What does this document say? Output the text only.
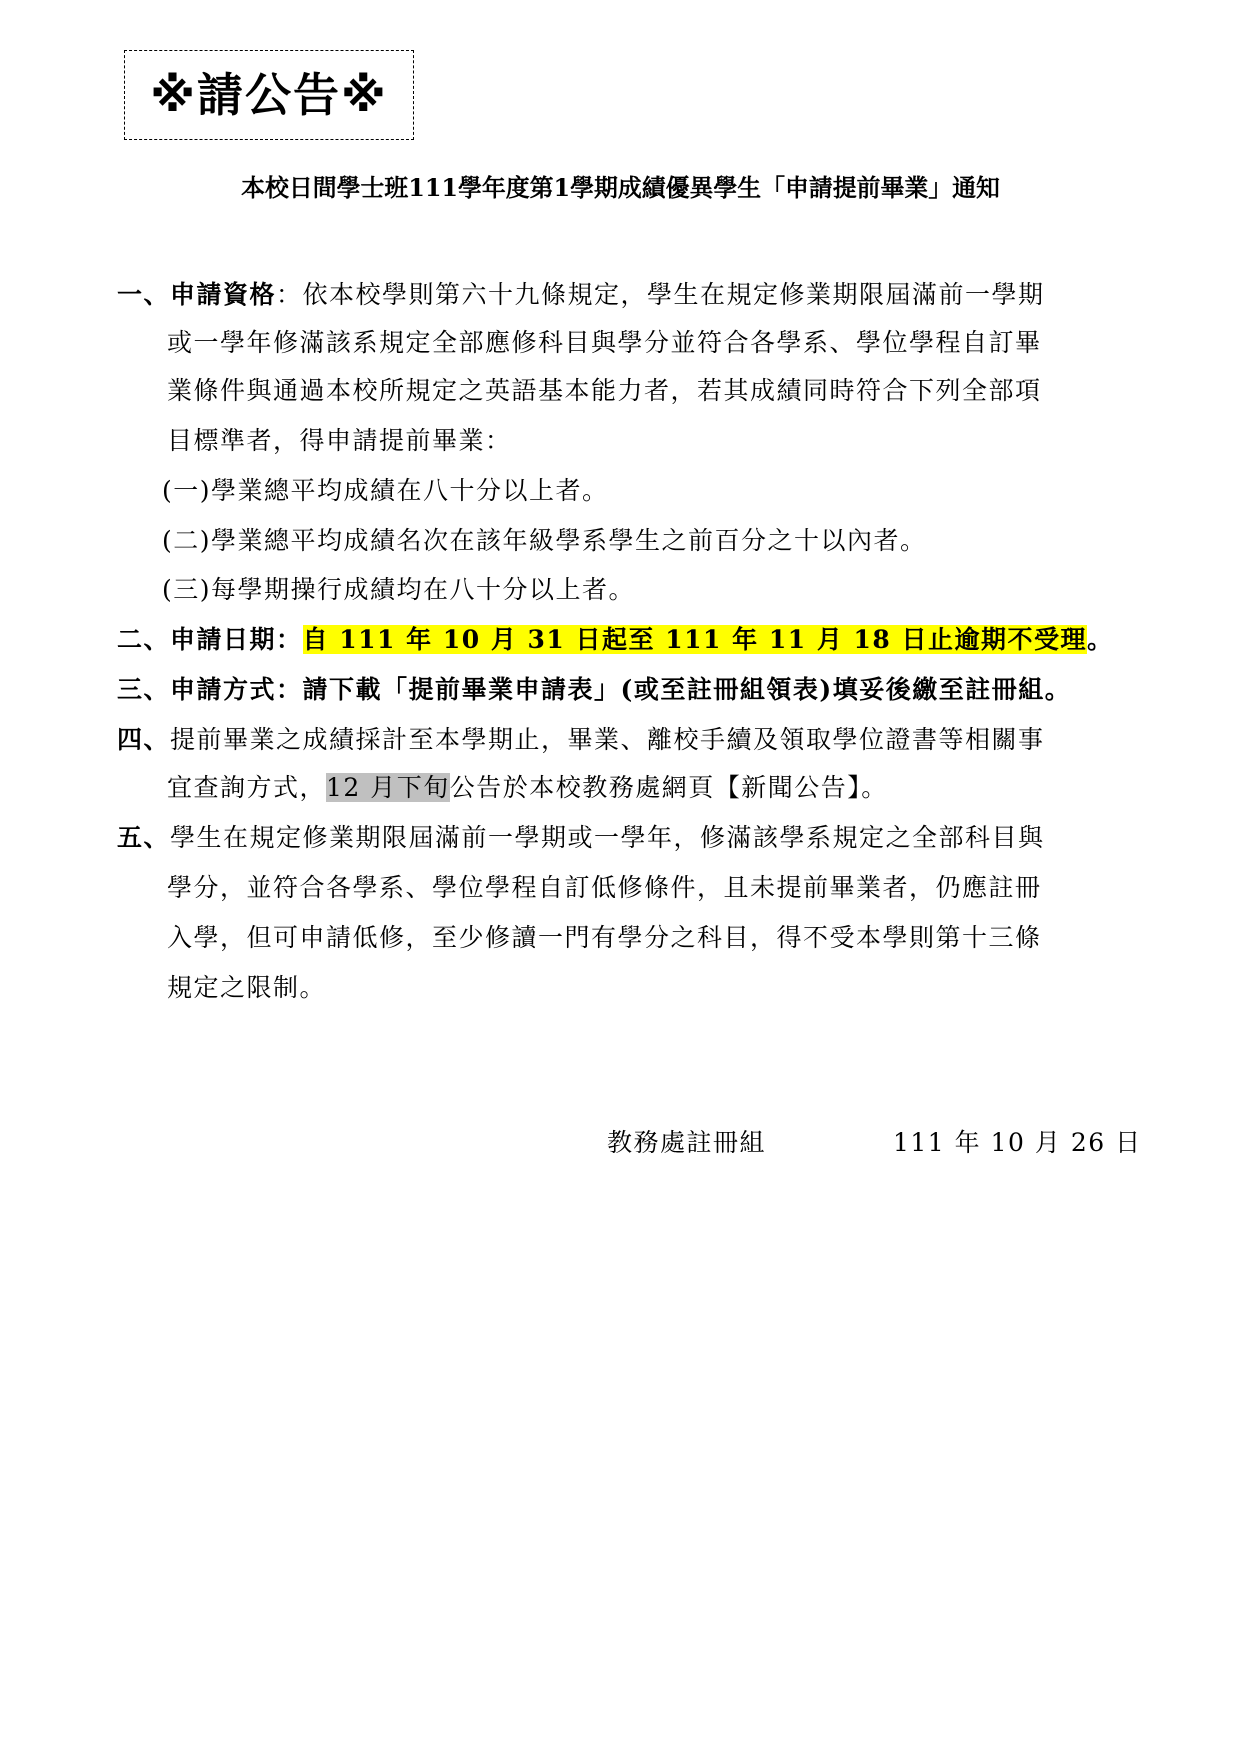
※請公告※
本校日間學士班111學年度第1學期成績優異學生「申請提前畢業」通知
一、申請資格：依本校學則第六十九條規定，學生在規定修業期限屆滿前一學期
或一學年修滿該系規定全部應修科目與學分並符合各學系、學位學程自訂畢
業條件與通過本校所規定之英語基本能力者，若其成績同時符合下列全部項
目標準者，得申請提前畢業：
(一)學業總平均成績在八十分以上者。
(二)學業總平均成績名次在該年級學系學生之前百分之十以內者。
(三)每學期操行成績均在八十分以上者。
二、申請日期：自 111 年 10 月 31 日起至 111 年 11 月 18 日止逾期不受理。
三、申請方式：請下載「提前畢業申請表」(或至註冊組領表)填妥後繳至註冊組。
四、提前畢業之成績採計至本學期止，畢業、離校手續及領取學位證書等相關事
宜查詢方式，12 月下旬公告於本校教務處網頁【新聞公告】。
五、學生在規定修業期限屆滿前一學期或一學年，修滿該學系規定之全部科目與
學分，並符合各學系、學位學程自訂低修條件，且未提前畢業者，仍應註冊
入學，但可申請低修，至少修讀一門有學分之科目，得不受本學則第十三條
規定之限制。
教務處註冊組	111 年 10 月 26 日
